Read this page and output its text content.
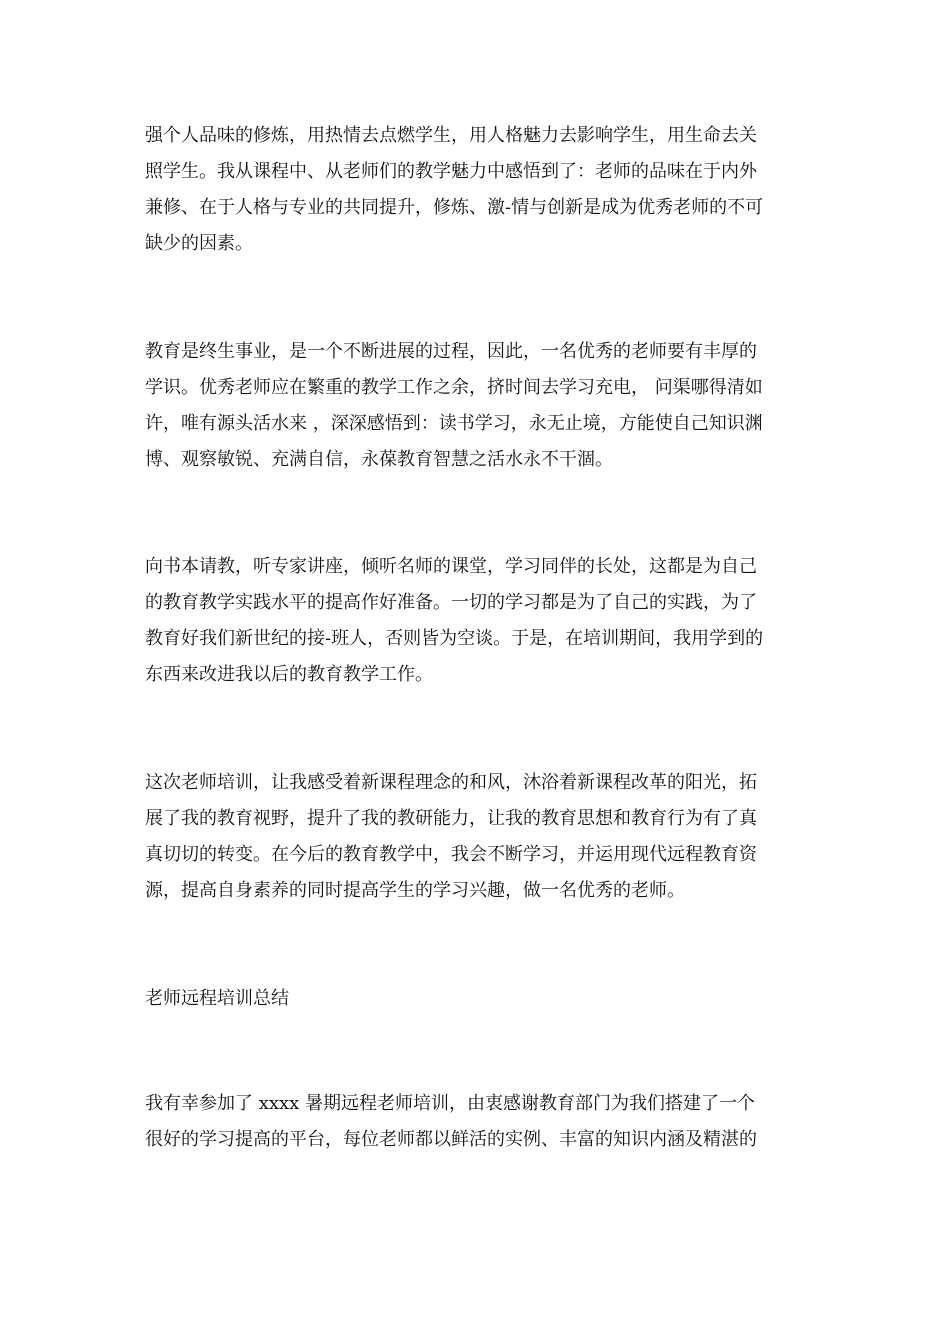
强个人品味的修炼，用热情去点燃学生，用人格魅力去影响学生，用生命去关
照学生。我从课程中、从老师们的教学魅力中感悟到了：老师的品味在于内外
兼修、在于人格与专业的共同提升，修炼、激-情与创新是成为优秀老师的不可
缺少的因素。

教育是终生事业，是一个不断进展的过程，因此，一名优秀的老师要有丰厚的
学识。优秀老师应在繁重的教学工作之余，挤时间去学习充电， 问渠哪得清如
许，唯有源头活水来 ，深深感悟到：读书学习，永无止境，方能使自己知识渊
博、观察敏锐、充满自信，永葆教育智慧之活水永不干涸。

向书本请教，听专家讲座，倾听名师的课堂，学习同伴的长处，这都是为自己
的教育教学实践水平的提高作好准备。一切的学习都是为了自己的实践，为了
教育好我们新世纪的接-班人，否则皆为空谈。于是，在培训期间，我用学到的
东西来改进我以后的教育教学工作。

这次老师培训，让我感受着新课程理念的和风，沐浴着新课程改革的阳光，拓
展了我的教育视野，提升了我的教研能力，让我的教育思想和教育行为有了真
真切切的转变。在今后的教育教学中，我会不断学习，并运用现代远程教育资
源，提高自身素养的同时提高学生的学习兴趣，做一名优秀的老师。

老师远程培训总结

我有幸参加了 xxxx 暑期远程老师培训，由衷感谢教育部门为我们搭建了一个
很好的学习提高的平台，每位老师都以鲜活的实例、丰富的知识内涵及精湛的
